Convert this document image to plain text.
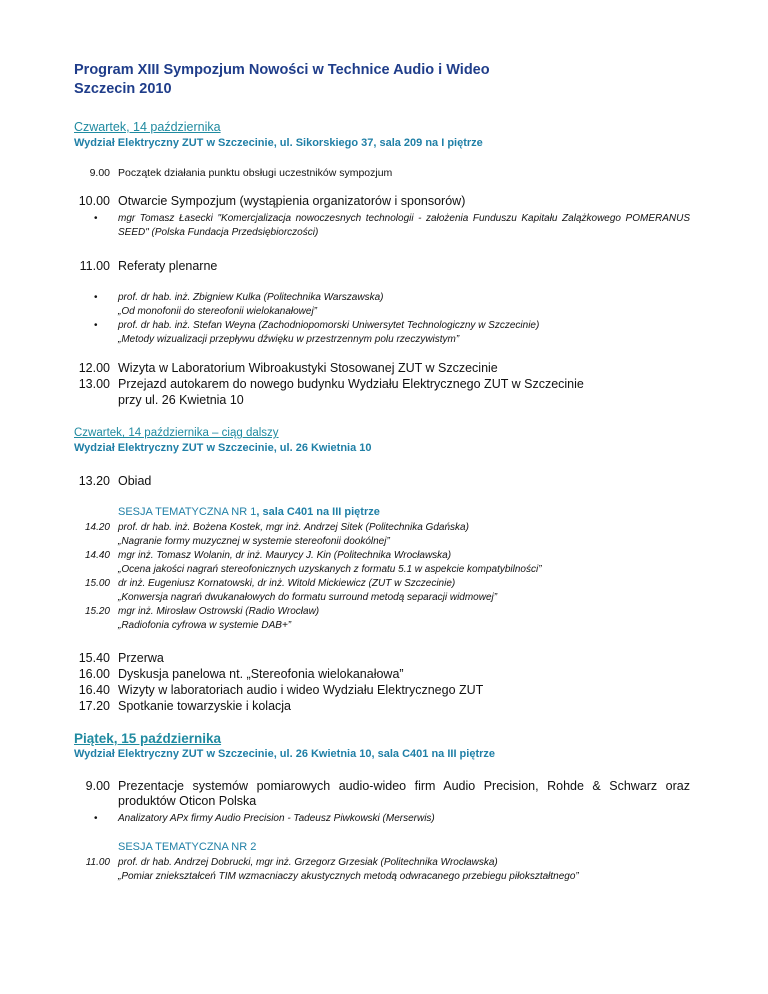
Program XIII Sympozjum Nowości w Technice Audio i Wideo
Szczecin 2010
Czwartek, 14 października
Wydział Elektryczny ZUT w Szczecinie, ul. Sikorskiego 37, sala 209 na I piętrze
9.00 Początek działania punktu obsługi uczestników sympozjum
10.00 Otwarcie Sympozjum (wystąpienia organizatorów i sponsorów)
• mgr Tomasz Łasecki "Komercjalizacja nowoczesnych technologii - założenia Funduszu Kapitału Zalążkowego POMERANUS SEED" (Polska Fundacja Przedsiębiorczości)
11.00 Referaty plenarne
• prof. dr hab. inż. Zbigniew Kulka (Politechnika Warszawska)
„Od monofonii do stereofonii wielokanałowej”
• prof. dr hab. inż. Stefan Weyna (Zachodniopomorski Uniwersytet Technologiczny w Szczecinie)
„Metody wizualizacji przepływu dźwięku w przestrzennym polu rzeczywistym”
12.00 Wizyta w Laboratorium Wibroakustyki Stosowanej ZUT w Szczecinie
13.00 Przejazd autokarem do nowego budynku Wydziału Elektrycznego ZUT w Szczecinie
przy ul. 26 Kwietnia 10
Czwartek, 14 października – ciąg dalszy
Wydział Elektryczny ZUT w Szczecinie, ul. 26 Kwietnia 10
13.20 Obiad
SESJA TEMATYCZNA NR 1, sala C401 na III piętrze
14.20 prof. dr hab. inż. Bożena Kostek, mgr inż. Andrzej Sitek (Politechnika Gdańska)
„Nagranie formy muzycznej w systemie stereofonii dookólnej”
14.40 mgr inż. Tomasz Wolanin, dr inż. Maurycy J. Kin (Politechnika Wrocławska)
„Ocena jakości nagrań stereofonicznych uzyskanych z formatu 5.1 w aspekcie kompatybilności”
15.00 dr inż. Eugeniusz Kornatowski, dr inż. Witold Mickiewicz (ZUT w Szczecinie)
„Konwersja nagrań dwukanałowych do formatu surround metodą separacji widmowej”
15.20 mgr inż. Mirosław Ostrowski (Radio Wrocław)
„Radiofonia cyfrowa w systemie DAB+”
15.40 Przerwa
16.00 Dyskusja panelowa nt. „Stereofonia wielokanałowa”
16.40 Wizyty w laboratoriach audio i wideo Wydziału Elektrycznego ZUT
17.20 Spotkanie towarzyskie i kolacja
Piątek, 15 października
Wydział Elektryczny ZUT w Szczecinie, ul. 26 Kwietnia 10, sala C401 na III piętrze
9.00 Prezentacje systemów pomiarowych audio-wideo firm Audio Precision, Rohde & Schwarz oraz produktów Oticon Polska
• Analizatory APx firmy Audio Precision - Tadeusz Piwkowski (Merserwis)
SESJA TEMATYCZNA NR 2
11.00 prof. dr hab. Andrzej Dobrucki, mgr inż. Grzegorz Grzesiak (Politechnika Wrocławska)
„Pomiar zniekształceń TIM wzmacniaczy akustycznych metodą odwracanego przebiegu piłokształtnego”
